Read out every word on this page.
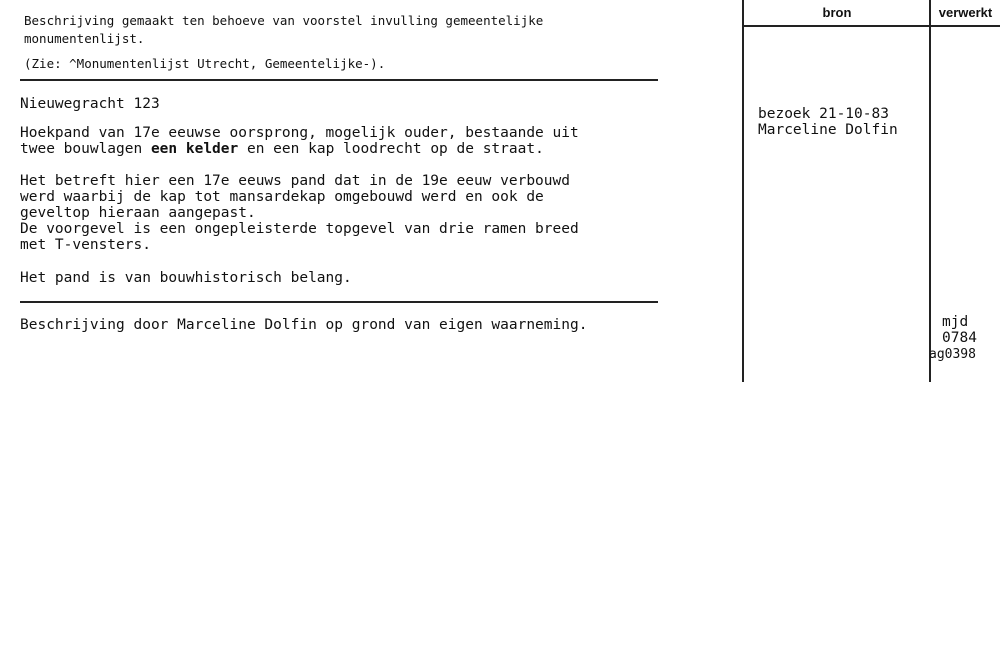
Beschrijving gemaakt ten behoeve van voorstel invulling gemeentelijke
monumentenlijst.
(Zie: ^Monumentenlijst Utrecht, Gemeentelijke-).
bron	verwerkt
Nieuwegracht 123
Hoekpand van 17e eeuwse oorsprong, mogelijk ouder, bestaande uit
twee bouwlagen een kelder en een kap loodrecht op de straat.
Het betreft hier een 17e eeuws pand dat in de 19e eeuw verbouwd
werd waarbij de kap tot mansardekap omgebouwd werd en ook de
geveltop hieraan aangepast.
De voorgevel is een ongepleisterde topgevel van drie ramen breed
met T-vensters.
Het pand is van bouwhistorisch belang.
Beschrijving door Marceline Dolfin op grond van eigen waarneming.
bezoek 21-10-83
Marceline Dolfin
mjd
0784
ag0398
